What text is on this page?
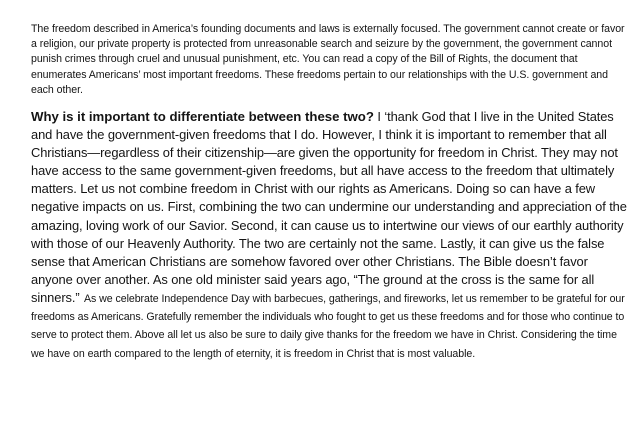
The freedom described in America’s founding documents and laws is externally focused. The government cannot create or favor a religion, our private property is protected from unreasonable search and seizure by the government, the government cannot punish crimes through cruel and unusual punishment, etc. You can read a copy of the Bill of Rights, the document that enumerates Americans’ most important freedoms. These freedoms pertain to our relationships with the U.S. government and each other.

Why is it important to differentiate between these two? I ‘thank God that I live in the United States and have the government-given freedoms that I do. However, I think it is important to remember that all Christians—regardless of their citizenship—are given the opportunity for freedom in Christ. They may not have access to the same government-given freedoms, but all have access to the freedom that ultimately matters. Let us not combine freedom in Christ with our rights as Americans. Doing so can have a few negative impacts on us. First, combining the two can undermine our understanding and appreciation of the amazing, loving work of our Savior. Second, it can cause us to intertwine our views of our earthly authority with those of our Heavenly Authority. The two are certainly not the same. Lastly, it can give us the false sense that American Christians are somehow favored over other Christians. The Bible doesn’t favor anyone over another. As one old minister said years ago, “The ground at the cross is the same for all sinners.” As we celebrate Independence Day with barbecues, gatherings, and fireworks, let us remember to be grateful for our freedoms as Americans. Gratefully remember the individuals who fought to get us these freedoms and for those who continue to serve to protect them. Above all let us also be sure to daily give thanks for the freedom we have in Christ. Considering the time we have on earth compared to the length of eternity, it is freedom in Christ that is most valuable.
